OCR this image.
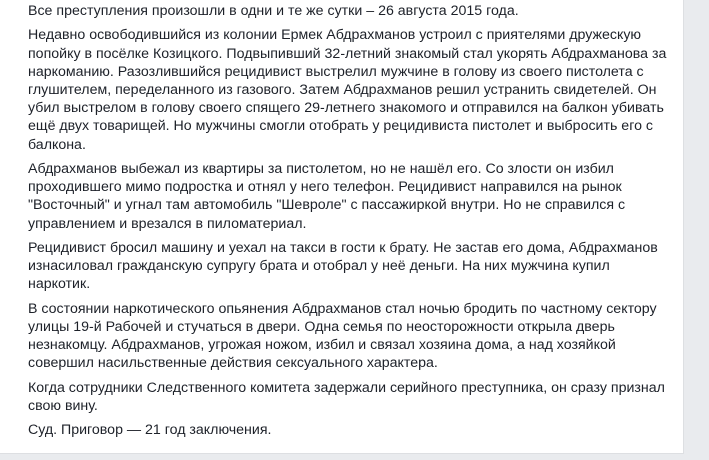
Все преступления произошли в одни и те же сутки – 26 августа 2015 года.

Недавно освободившийся из колонии Ермек Абдрахманов устроил с приятелями дружескую попойку в посёлке Козицкого. Подвыпивший 32-летний знакомый стал укорять Абдрахманова за наркоманию. Разозлившийся рецидивист выстрелил мужчине в голову из своего пистолета с глушителем, переделанного из газового. Затем Абдрахманов решил устранить свидетелей. Он убил выстрелом в голову своего спящего 29-летнего знакомого и отправился на балкон убивать ещё двух товарищей. Но мужчины смогли отобрать у рецидивиста пистолет и выбросить его с балкона.

Абдрахманов выбежал из квартиры за пистолетом, но не нашёл его. Со злости он избил проходившего мимо подростка и отнял у него телефон. Рецидивист направился на рынок "Восточный" и угнал там автомобиль "Шевроле" с пассажиркой внутри. Но не справился с управлением и врезался в пиломатериал.

Рецидивист бросил машину и уехал на такси в гости к брату. Не застав его дома, Абдрахманов изнасиловал гражданскую супругу брата и отобрал у неё деньги. На них мужчина купил наркотик.

В состоянии наркотического опьянения Абдрахманов стал ночью бродить по частному сектору улицы 19-й Рабочей и стучаться в двери. Одна семья по неосторожности открыла дверь незнакомцу. Абдрахманов, угрожая ножом, избил и связал хозяина дома, а над хозяйкой совершил насильственные действия сексуального характера.

Когда сотрудники Следственного комитета задержали серийного преступника, он сразу признал свою вину.

Суд. Приговор — 21 год заключения.
